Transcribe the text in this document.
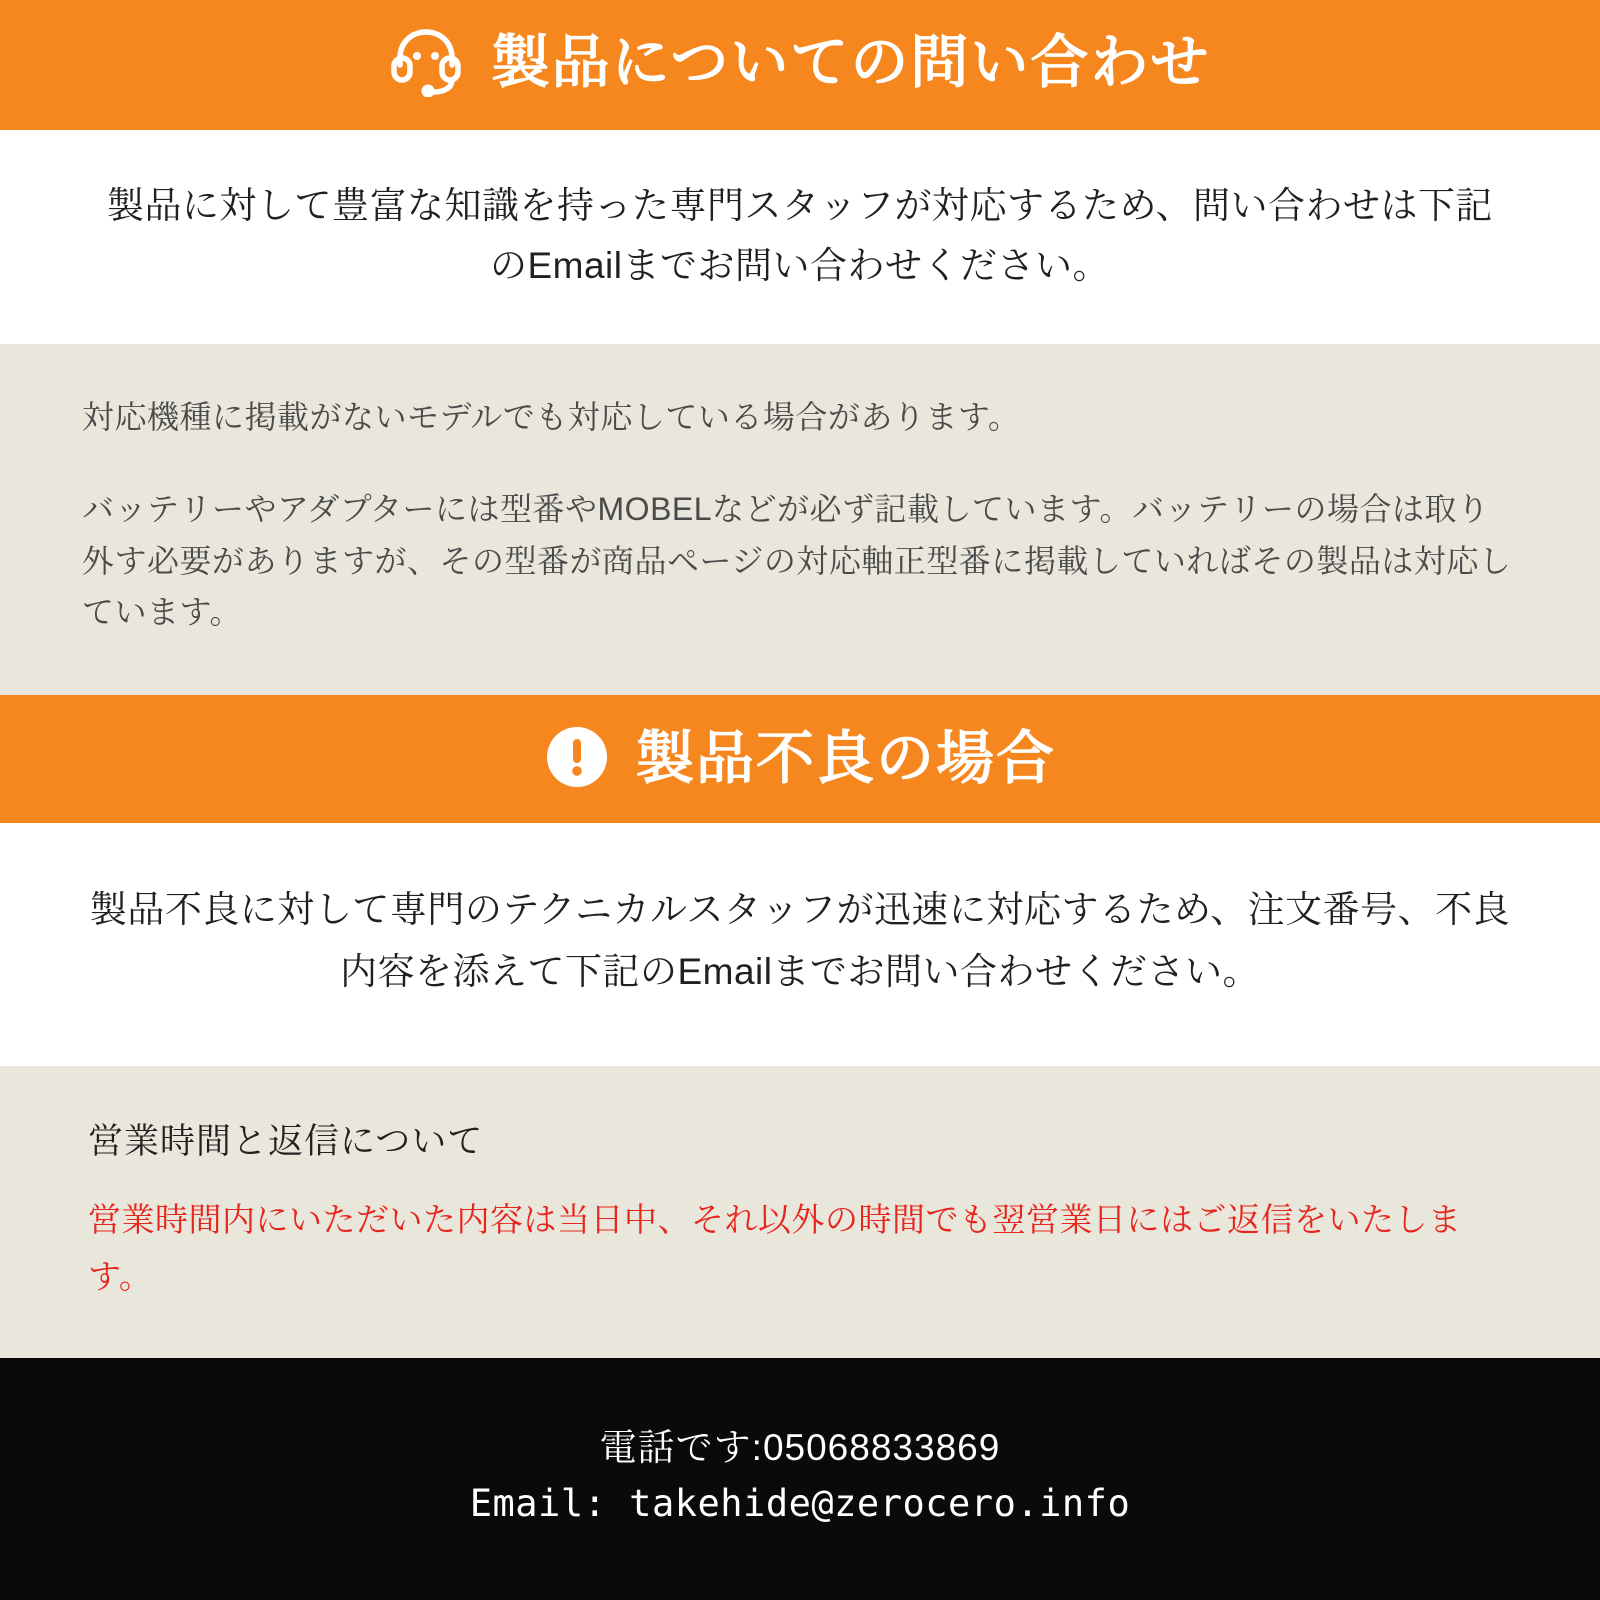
製品についての問い合わせ

製品に対して豊富な知識を持った専門スタッフが対応するため、問い合わせは下記のEmailまでお問い合わせください。

対応機種に掲載がないモデルでも対応している場合があります。

バッテリーやアダプターには型番やMOBELなどが必ず記載しています。バッテリーの場合は取り外す必要がありますが、その型番が商品ページの対応軸正型番に掲載していればその製品は対応しています。

製品不良の場合

製品不良に対して専門のテクニカルスタッフが迅速に対応するため、注文番号、不良内容を添えて下記のEmailまでお問い合わせください。

営業時間と返信について

営業時間内にいただいた内容は当日中、それ以外の時間でも翌営業日にはご返信をいたします。

電話です:05068833869
Email: takehide@zerocero.info
